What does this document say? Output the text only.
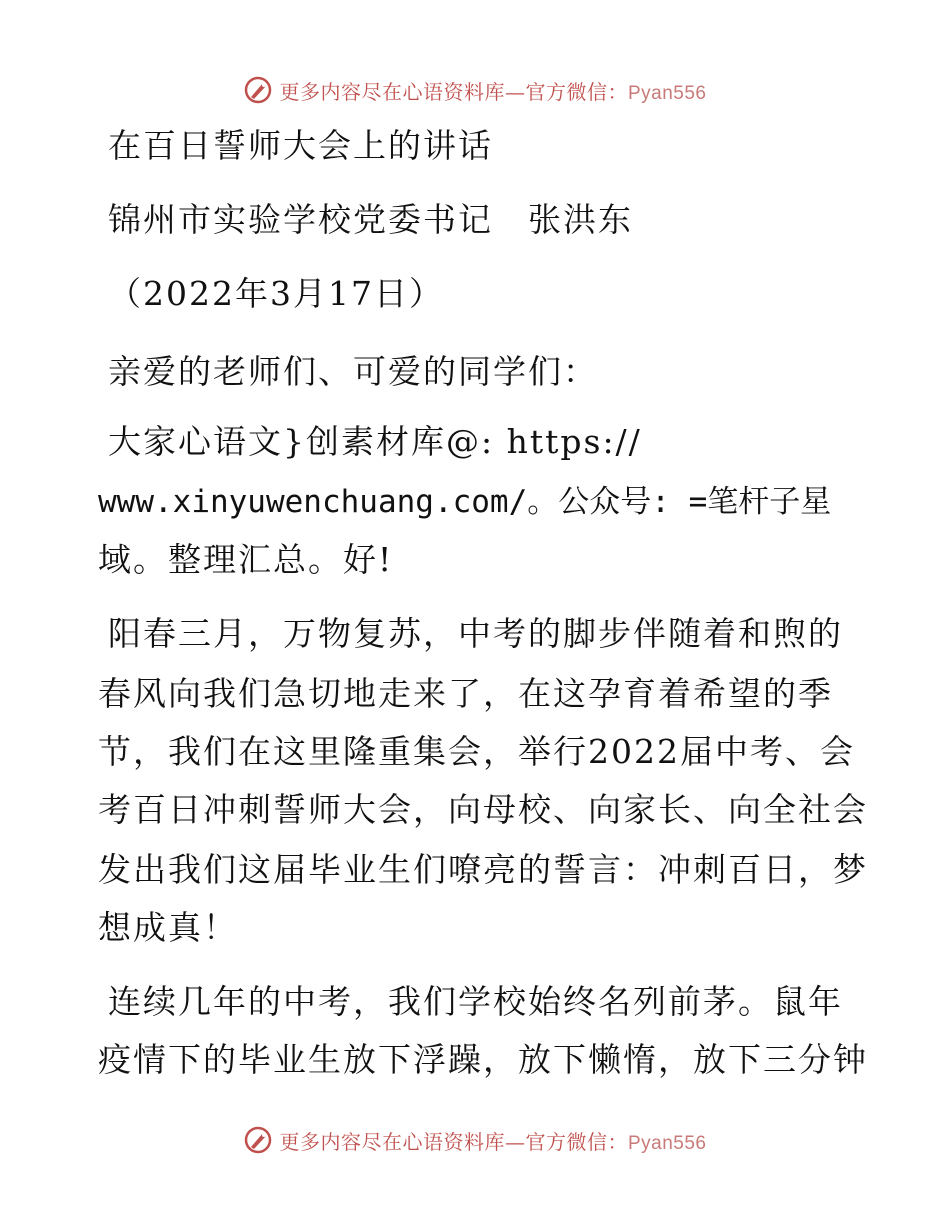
更多内容尽在心语资料库—官方微信：Pyan556
在百日誓师大会上的讲话
锦州市实验学校党委书记　张洪东
（2022年3月17日）
亲爱的老师们、可爱的同学们：
大家心语文}创素材库@: https://
www.xinyuwenchuang.com/。公众号: =笔杆子星
域。整理汇总。好!
阳春三月，万物复苏，中考的脚步伴随着和煦的
春风向我们急切地走来了，在这孕育着希望的季
节，我们在这里隆重集会，举行2022届中考、会
考百日冲刺誓师大会，向母校、向家长、向全社会
发出我们这届毕业生们嘹亮的誓言：冲刺百日，梦
想成真！
连续几年的中考，我们学校始终名列前茅。鼠年
疫情下的毕业生放下浮躁，放下懒惰，放下三分钟
更多内容尽在心语资料库—官方微信：Pyan556
